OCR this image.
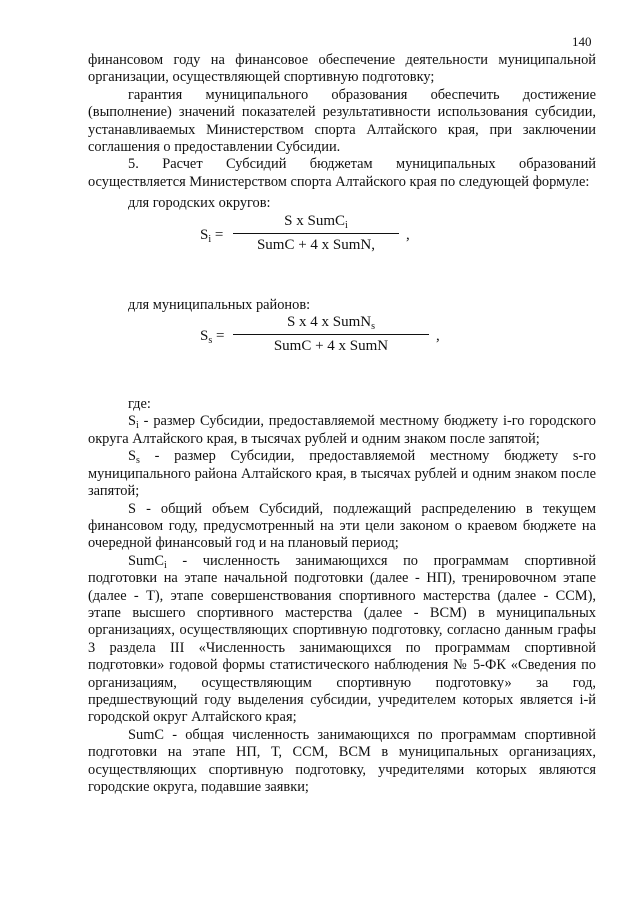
140

финансовом году на финансовое обеспечение деятельности муниципальной организации, осуществляющей спортивную подготовку;

гарантия муниципального образования обеспечить достижение (выполнение) значений показателей результативности использования субсидии, устанавливаемых Министерством спорта Алтайского края, при заключении соглашения о предоставлении Субсидии.

5. Расчет Субсидий бюджетам муниципальных образований осуществляется Министерством спорта Алтайского края по следующей формуле:

для городских округов:

$S_i$ =
S x SumC$_i$
SumC + 4 x SumN,
,

для муниципальных районов:

$S_s$ =
S x 4 x SumN$_s$
SumC + 4 x SumN
,

где:

$S_i$ - размер Субсидии, предоставляемой местному бюджету i-го городского округа Алтайского края, в тысячах рублей и одним знаком после запятой;

$S_s$ - размер Субсидии, предоставляемой местному бюджету s-го муниципального района Алтайского края, в тысячах рублей и одним знаком после запятой;

S - общий объем Субсидий, подлежащий распределению в текущем финансовом году, предусмотренный на эти цели законом о краевом бюджете на очередной финансовый год и на плановый период;

SumC$_i$ - численность занимающихся по программам спортивной подготовки на этапе начальной подготовки (далее - НП), тренировочном этапе (далее - Т), этапе совершенствования спортивного мастерства (далее - ССМ), этапе высшего спортивного мастерства (далее - ВСМ) в муниципальных организациях, осуществляющих спортивную подготовку, согласно данным графы 3 раздела III «Численность занимающихся по программам спортивной подготовки» годовой формы статистического наблюдения № 5-ФК «Сведения по организациям, осуществляющим спортивную подготовку» за год, предшествующий году выделения субсидии, учредителем которых является i-й городской округ Алтайского края;

SumC - общая численность занимающихся по программам спортивной подготовки на этапе НП, Т, ССМ, ВСМ в муниципальных организациях, осуществляющих спортивную подготовку, учредителями которых являются городские округа, подавшие заявки;
